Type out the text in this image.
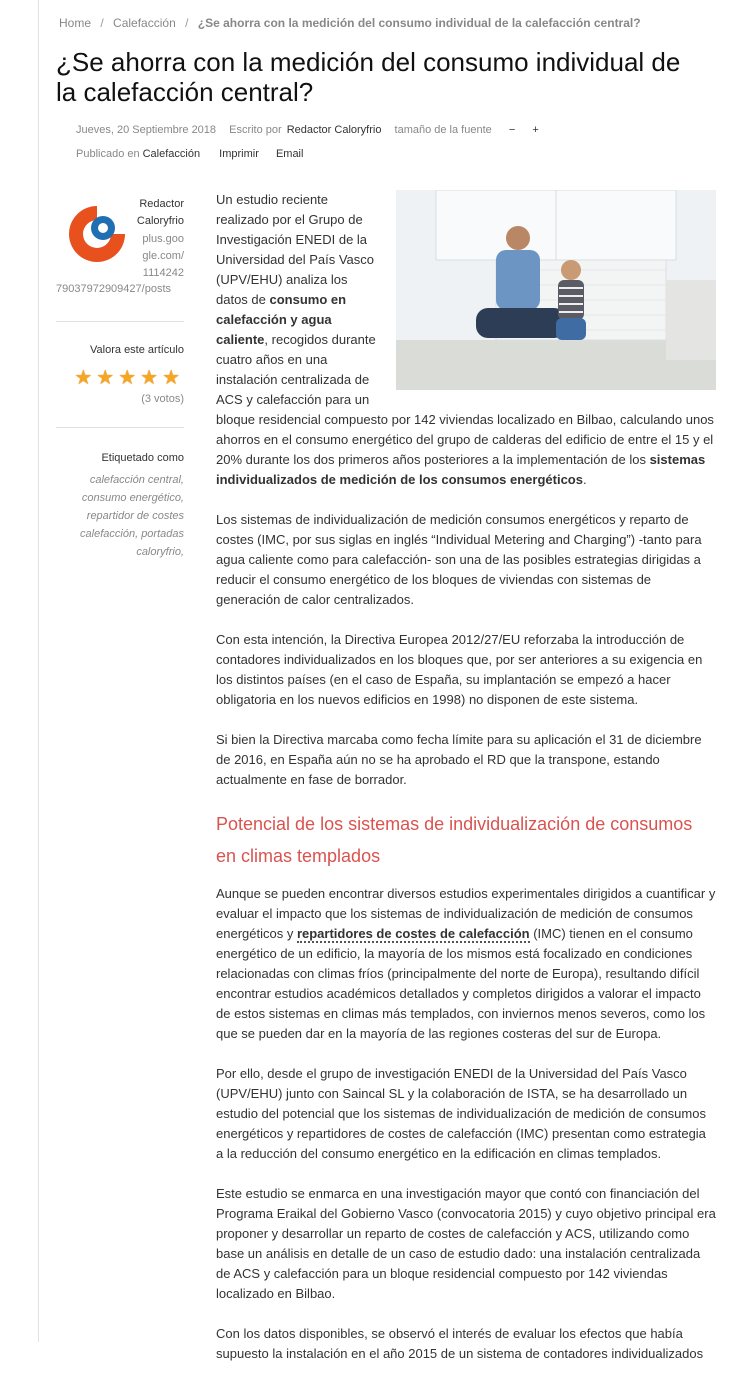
Home / Calefacción / ¿Se ahorra con la medición del consumo individual de la calefacción central?
¿Se ahorra con la medición del consumo individual de la calefacción central?
Jueves, 20 Septiembre 2018 Escrito por Redactor Caloryfrio tamaño de la fuente − +
Publicado en Calefacción Imprimir Email
Redactor
Caloryfrio
plus.goo
gle.com/
1114242
79037972909427/posts
Valora este artículo
★★★★★
(3 votos)
Etiquetado como
calefacción central,
consumo energético,
repartidor de costes
calefacción, portadas
caloryfrio,

Un estudio reciente realizado por el Grupo de Investigación ENEDI de la Universidad del País Vasco (UPV/EHU) analiza los datos de consumo en calefacción y agua caliente, recogidos durante cuatro años en una instalación centralizada de ACS y calefacción para un bloque residencial compuesto por 142 viviendas localizado en Bilbao, calculando unos ahorros en el consumo energético del grupo de calderas del edificio de entre el 15 y el 20% durante los dos primeros años posteriores a la implementación de los sistemas individualizados de medición de los consumos energéticos.

Los sistemas de individualización de medición consumos energéticos y reparto de costes (IMC, por sus siglas en inglés “Individual Metering and Charging”) -tanto para agua caliente como para calefacción- son una de las posibles estrategias dirigidas a reducir el consumo energético de los bloques de viviendas con sistemas de generación de calor centralizados.

Con esta intención, la Directiva Europea 2012/27/EU reforzaba la introducción de contadores individualizados en los bloques que, por ser anteriores a su exigencia en los distintos países (en el caso de España, su implantación se empezó a hacer obligatoria en los nuevos edificios en 1998) no disponen de este sistema.

Si bien la Directiva marcaba como fecha límite para su aplicación el 31 de diciembre de 2016, en España aún no se ha aprobado el RD que la transpone, estando actualmente en fase de borrador.

Potencial de los sistemas de individualización de consumos en climas templados

Aunque se pueden encontrar diversos estudios experimentales dirigidos a cuantificar y evaluar el impacto que los sistemas de individualización de medición de consumos energéticos y repartidores de costes de calefacción (IMC) tienen en el consumo energético de un edificio, la mayoría de los mismos está focalizado en condiciones relacionadas con climas fríos (principalmente del norte de Europa), resultando difícil encontrar estudios académicos detallados y completos dirigidos a valorar el impacto de estos sistemas en climas más templados, con inviernos menos severos, como los que se pueden dar en la mayoría de las regiones costeras del sur de Europa.

Por ello, desde el grupo de investigación ENEDI de la Universidad del País Vasco (UPV/EHU) junto con Saincal SL y la colaboración de ISTA, se ha desarrollado un estudio del potencial que los sistemas de individualización de medición de consumos energéticos y repartidores de costes de calefacción (IMC) presentan como estrategia a la reducción del consumo energético en la edificación en climas templados.

Este estudio se enmarca en una investigación mayor que contó con financiación del Programa Eraikal del Gobierno Vasco (convocatoria 2015) y cuyo objetivo principal era proponer y desarrollar un reparto de costes de calefacción y ACS, utilizando como base un análisis en detalle de un caso de estudio dado: una instalación centralizada de ACS y calefacción para un bloque residencial compuesto por 142 viviendas localizado en Bilbao.

Con los datos disponibles, se observó el interés de evaluar los efectos que había supuesto la instalación en el año 2015 de un sistema de contadores individualizados
